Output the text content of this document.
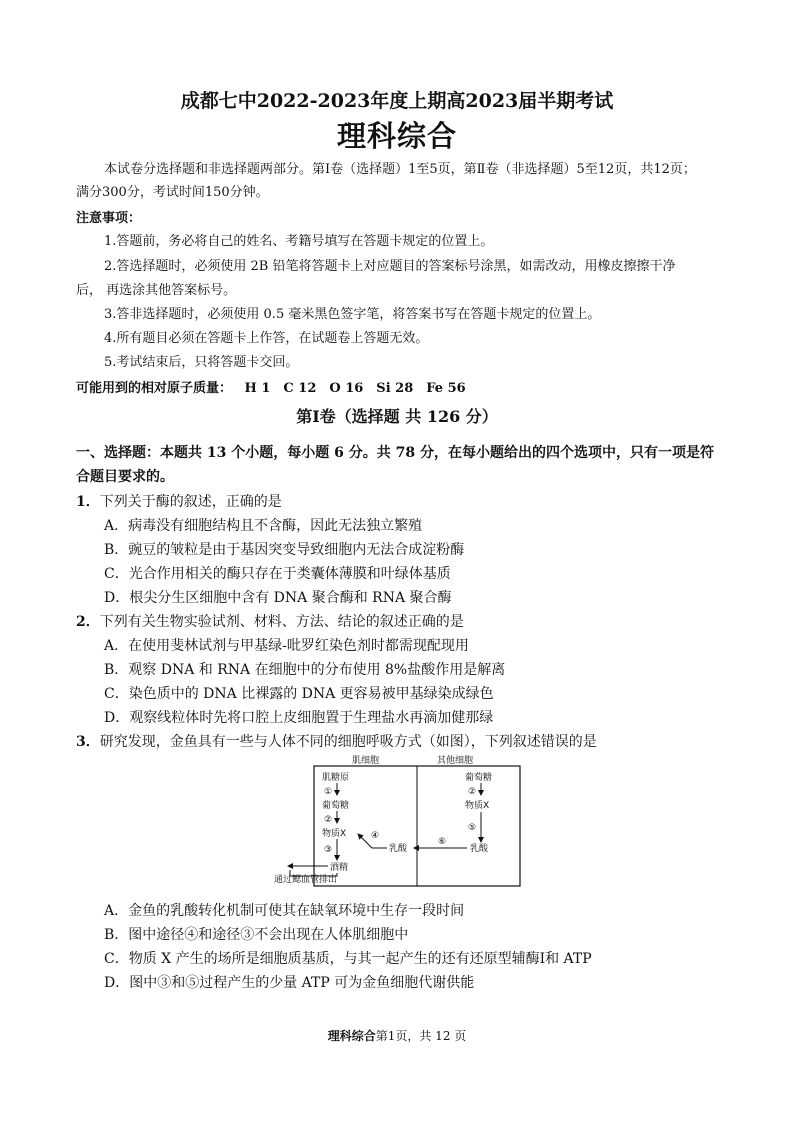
成都七中2022-2023年度上期高2023届半期考试
理科综合
本试卷分选择题和非选择题两部分。第Ⅰ卷（选择题）1至5页，第Ⅱ卷（非选择题）5至12页，共12页；
满分300分，考试时间150分钟。
注意事项：
1.答题前，务必将自己的姓名、考籍号填写在答题卡规定的位置上。
2.答选择题时，必须使用 2B 铅笔将答题卡上对应题目的答案标号涂黑，如需改动，用橡皮擦擦干净
后， 再选涂其他答案标号。
3.答非选择题时，必须使用 0.5 毫米黑色签字笔，将答案书写在答题卡规定的位置上。
4.所有题目必须在答题卡上作答，在试题卷上答题无效。
5.考试结束后，只将答题卡交回。
可能用到的相对原子质量： H 1　C 12　O 16　Si 28　Fe 56
第Ⅰ卷（选择题 共 126 分）
一、选择题：本题共 13 个小题，每小题 6 分。共 78 分，在每小题给出的四个选项中，只有一项是符
合题目要求的。
1．下列关于酶的叙述，正确的是
A．病毒没有细胞结构且不含酶，因此无法独立繁殖
B．豌豆的皱粒是由于基因突变导致细胞内无法合成淀粉酶
C．光合作用相关的酶只存在于类囊体薄膜和叶绿体基质
D．根尖分生区细胞中含有 DNA 聚合酶和 RNA 聚合酶
2．下列有关生物实验试剂、材料、方法、结论的叙述正确的是
A．在使用斐林试剂与甲基绿-吡罗红染色剂时都需现配现用
B．观察 DNA 和 RNA 在细胞中的分布使用 8%盐酸作用是解离
C．染色质中的 DNA 比裸露的 DNA 更容易被甲基绿染成绿色
D．观察线粒体时先将口腔上皮细胞置于生理盐水再滴加健那绿
3．研究发现，金鱼具有一些与人体不同的细胞呼吸方式（如图），下列叙述错误的是
肌细胞	其他细胞
肌糖原
①
葡萄糖
②
物质X
③
酒精
通过鳃血管排出
乳酸
④
葡萄糖
②
物质X
⑤
乳酸
⑥
A．金鱼的乳酸转化机制可使其在缺氧环境中生存一段时间
B．图中途径④和途径③不会出现在人体肌细胞中
C．物质 X 产生的场所是细胞质基质，与其一起产生的还有还原型辅酶Ⅰ和 ATP
D．图中③和⑤过程产生的少量 ATP 可为金鱼细胞代谢供能
理科综合第1页，共 12 页
